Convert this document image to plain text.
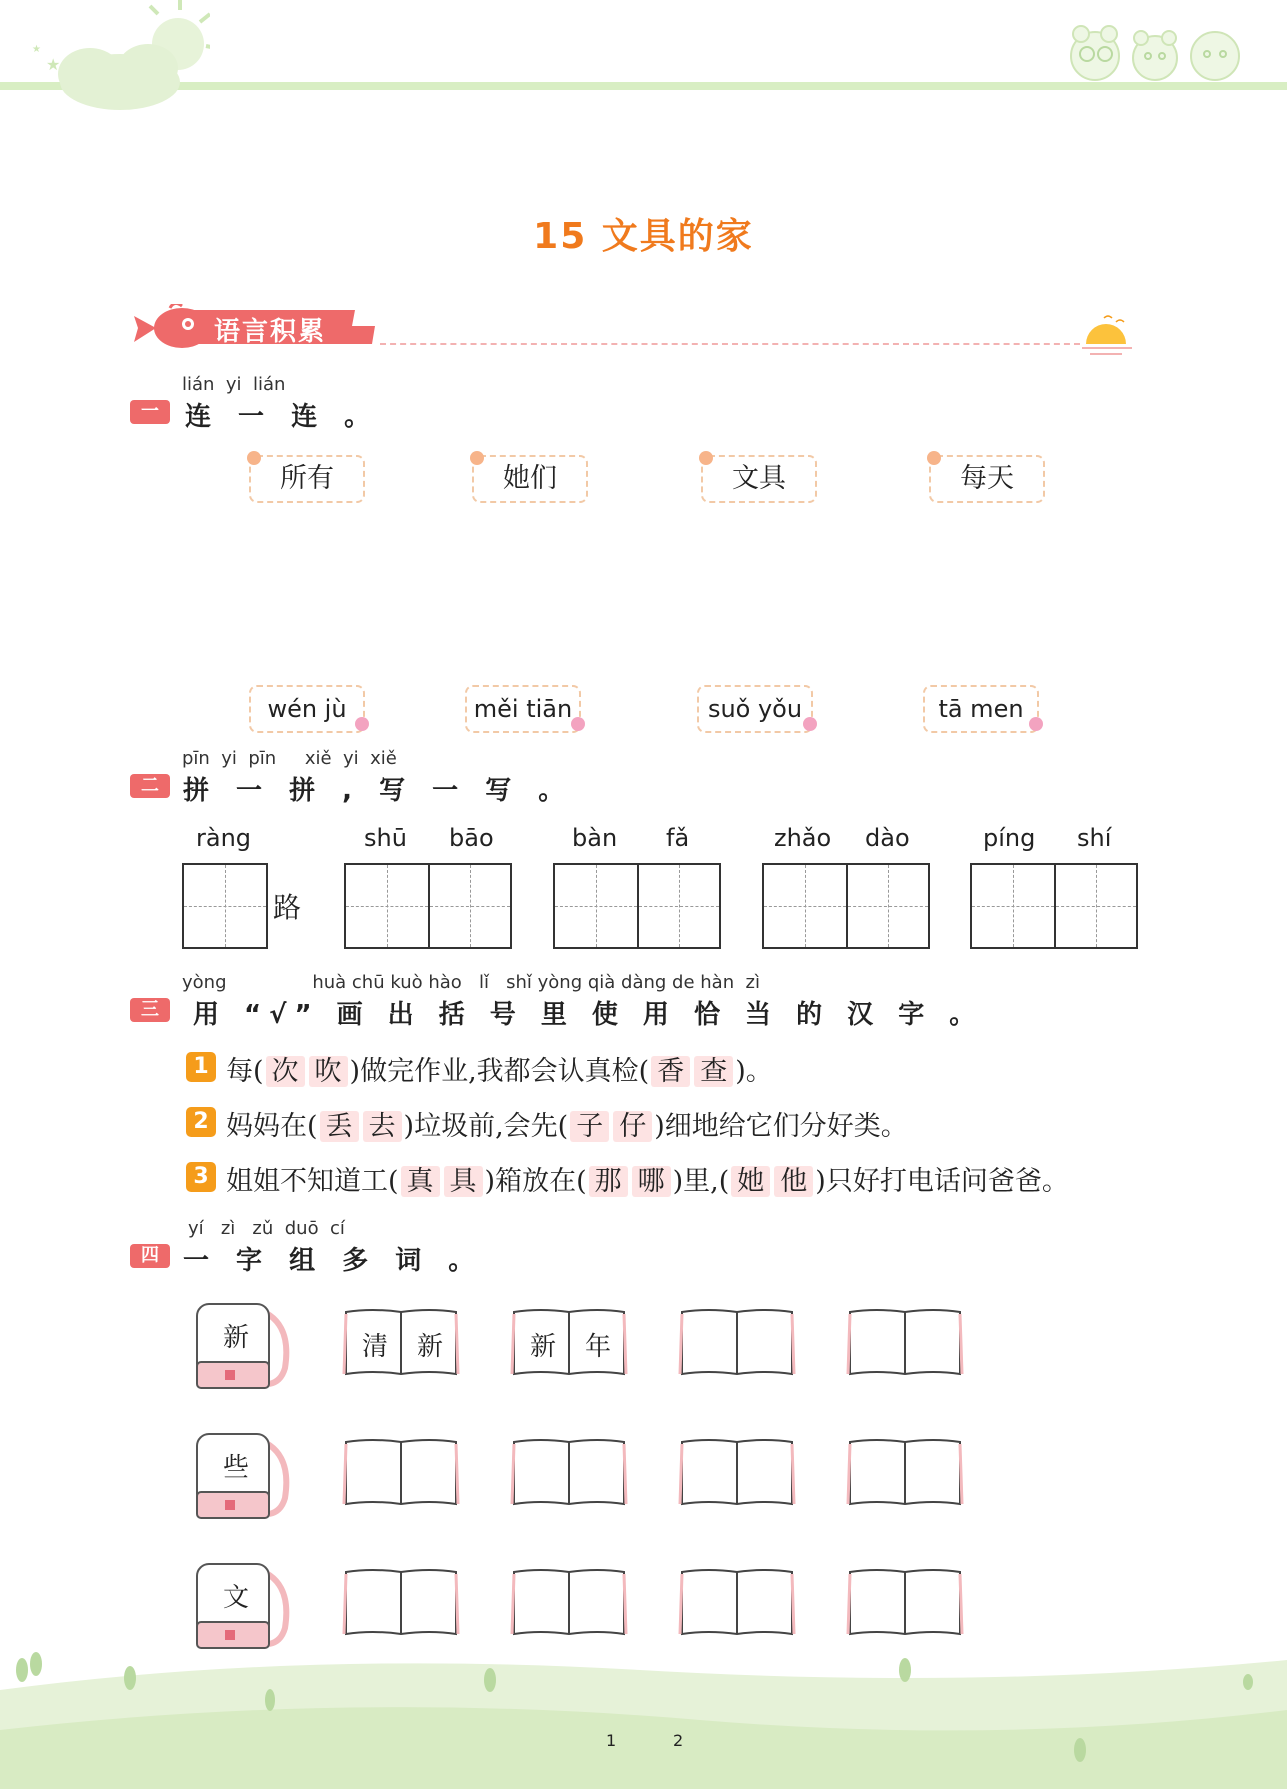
★
★
15 文具的家
语言积累
lián  yi  lián
一	连 一 连 。
所有	她们	文具	每天
wén jù	měi tiān	suǒ yǒu	tā men
pīn  yi  pīn     xiě  yi  xiě
二 拼 一 拼 , 写 一 写 。
ràng
路
shū bāo	bàn fǎ	zhǎo dào	píng shí
yòng               huà chū kuò hào   lǐ   shǐ yòng qià dàng de hàn  zì
三	用 “√” 画 出 括 号 里 使 用 恰 当 的 汉 字 。
1 每( 次 吹 )做完作业,我都会认真检( 香 查 )。
2 妈妈在( 丢 去 )垃圾前,会先( 子 仔 )细地给它们分好类。
3 姐姐不知道工( 真 具 )箱放在( 那 哪 )里,( 她 他 )只好打电话问爸爸。
yí   zì   zǔ  duō  cí
四 一 字 组 多 词 。
新
些
文
清	新	新	年
1	2
